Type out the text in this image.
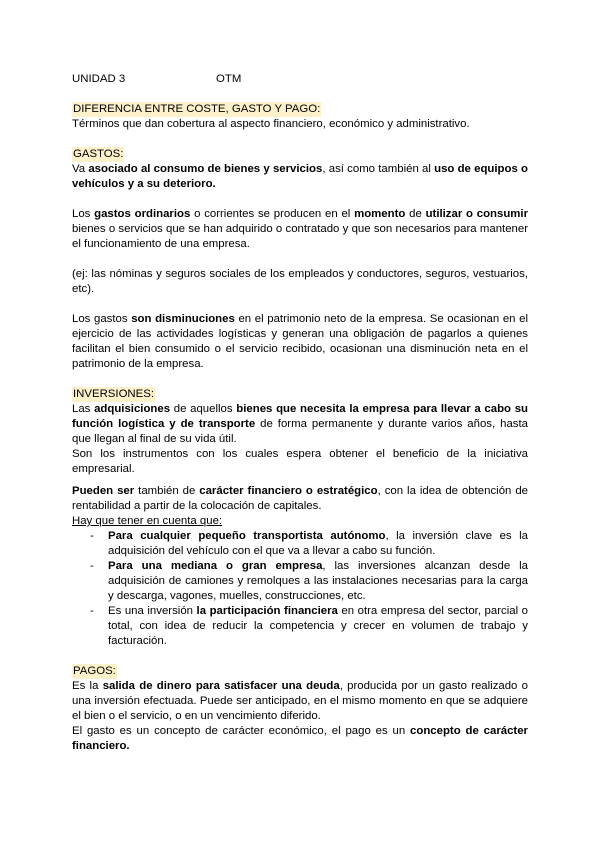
UNIDAD 3	OTM
DIFERENCIA ENTRE COSTE, GASTO Y PAGO:

Términos que dan cobertura al aspecto financiero, económico y administrativo.

GASTOS:

Va asociado al consumo de bienes y servicios, así como también al uso de equipos o vehículos y a su deterioro.

Los gastos ordinarios o corrientes se producen en el momento de utilizar o consumir bienes o servicios que se han adquirido o contratado y que son necesarios para mantener el funcionamiento de una empresa.

(ej: las nóminas y seguros sociales de los empleados y conductores, seguros, vestuarios, etc).

Los gastos son disminuciones en el patrimonio neto de la empresa. Se ocasionan en el ejercicio de las actividades logísticas y generan una obligación de pagarlos a quienes facilitan el bien consumido o el servicio recibido, ocasionan una disminución neta en el patrimonio de la empresa.

INVERSIONES:

Las adquisiciones de aquellos bienes que necesita la empresa para llevar a cabo su función logística y de transporte de forma permanente y durante varios años, hasta que llegan al final de su vida útil.

Son los instrumentos con los cuales espera obtener el beneficio de la iniciativa empresarial.

Pueden ser también de carácter financiero o estratégico, con la idea de obtención de rentabilidad a partir de la colocación de capitales.

Hay que tener en cuenta que:

- Para cualquier pequeño transportista autónomo, la inversión clave es la adquisición del vehículo con el que va a llevar a cabo su función.
- Para una mediana o gran empresa, las inversiones alcanzan desde la adquisición de camiones y remolques a las instalaciones necesarias para la carga y descarga, vagones, muelles, construcciones, etc.
- Es una inversión la participación financiera en otra empresa del sector, parcial o total, con idea de reducir la competencia y crecer en volumen de trabajo y facturación.
PAGOS:

Es la salida de dinero para satisfacer una deuda, producida por un gasto realizado o una inversión efectuada. Puede ser anticipado, en el mismo momento en que se adquiere el bien o el servicio, o en un vencimiento diferido.

El gasto es un concepto de carácter económico, el pago es un concepto de carácter financiero.
